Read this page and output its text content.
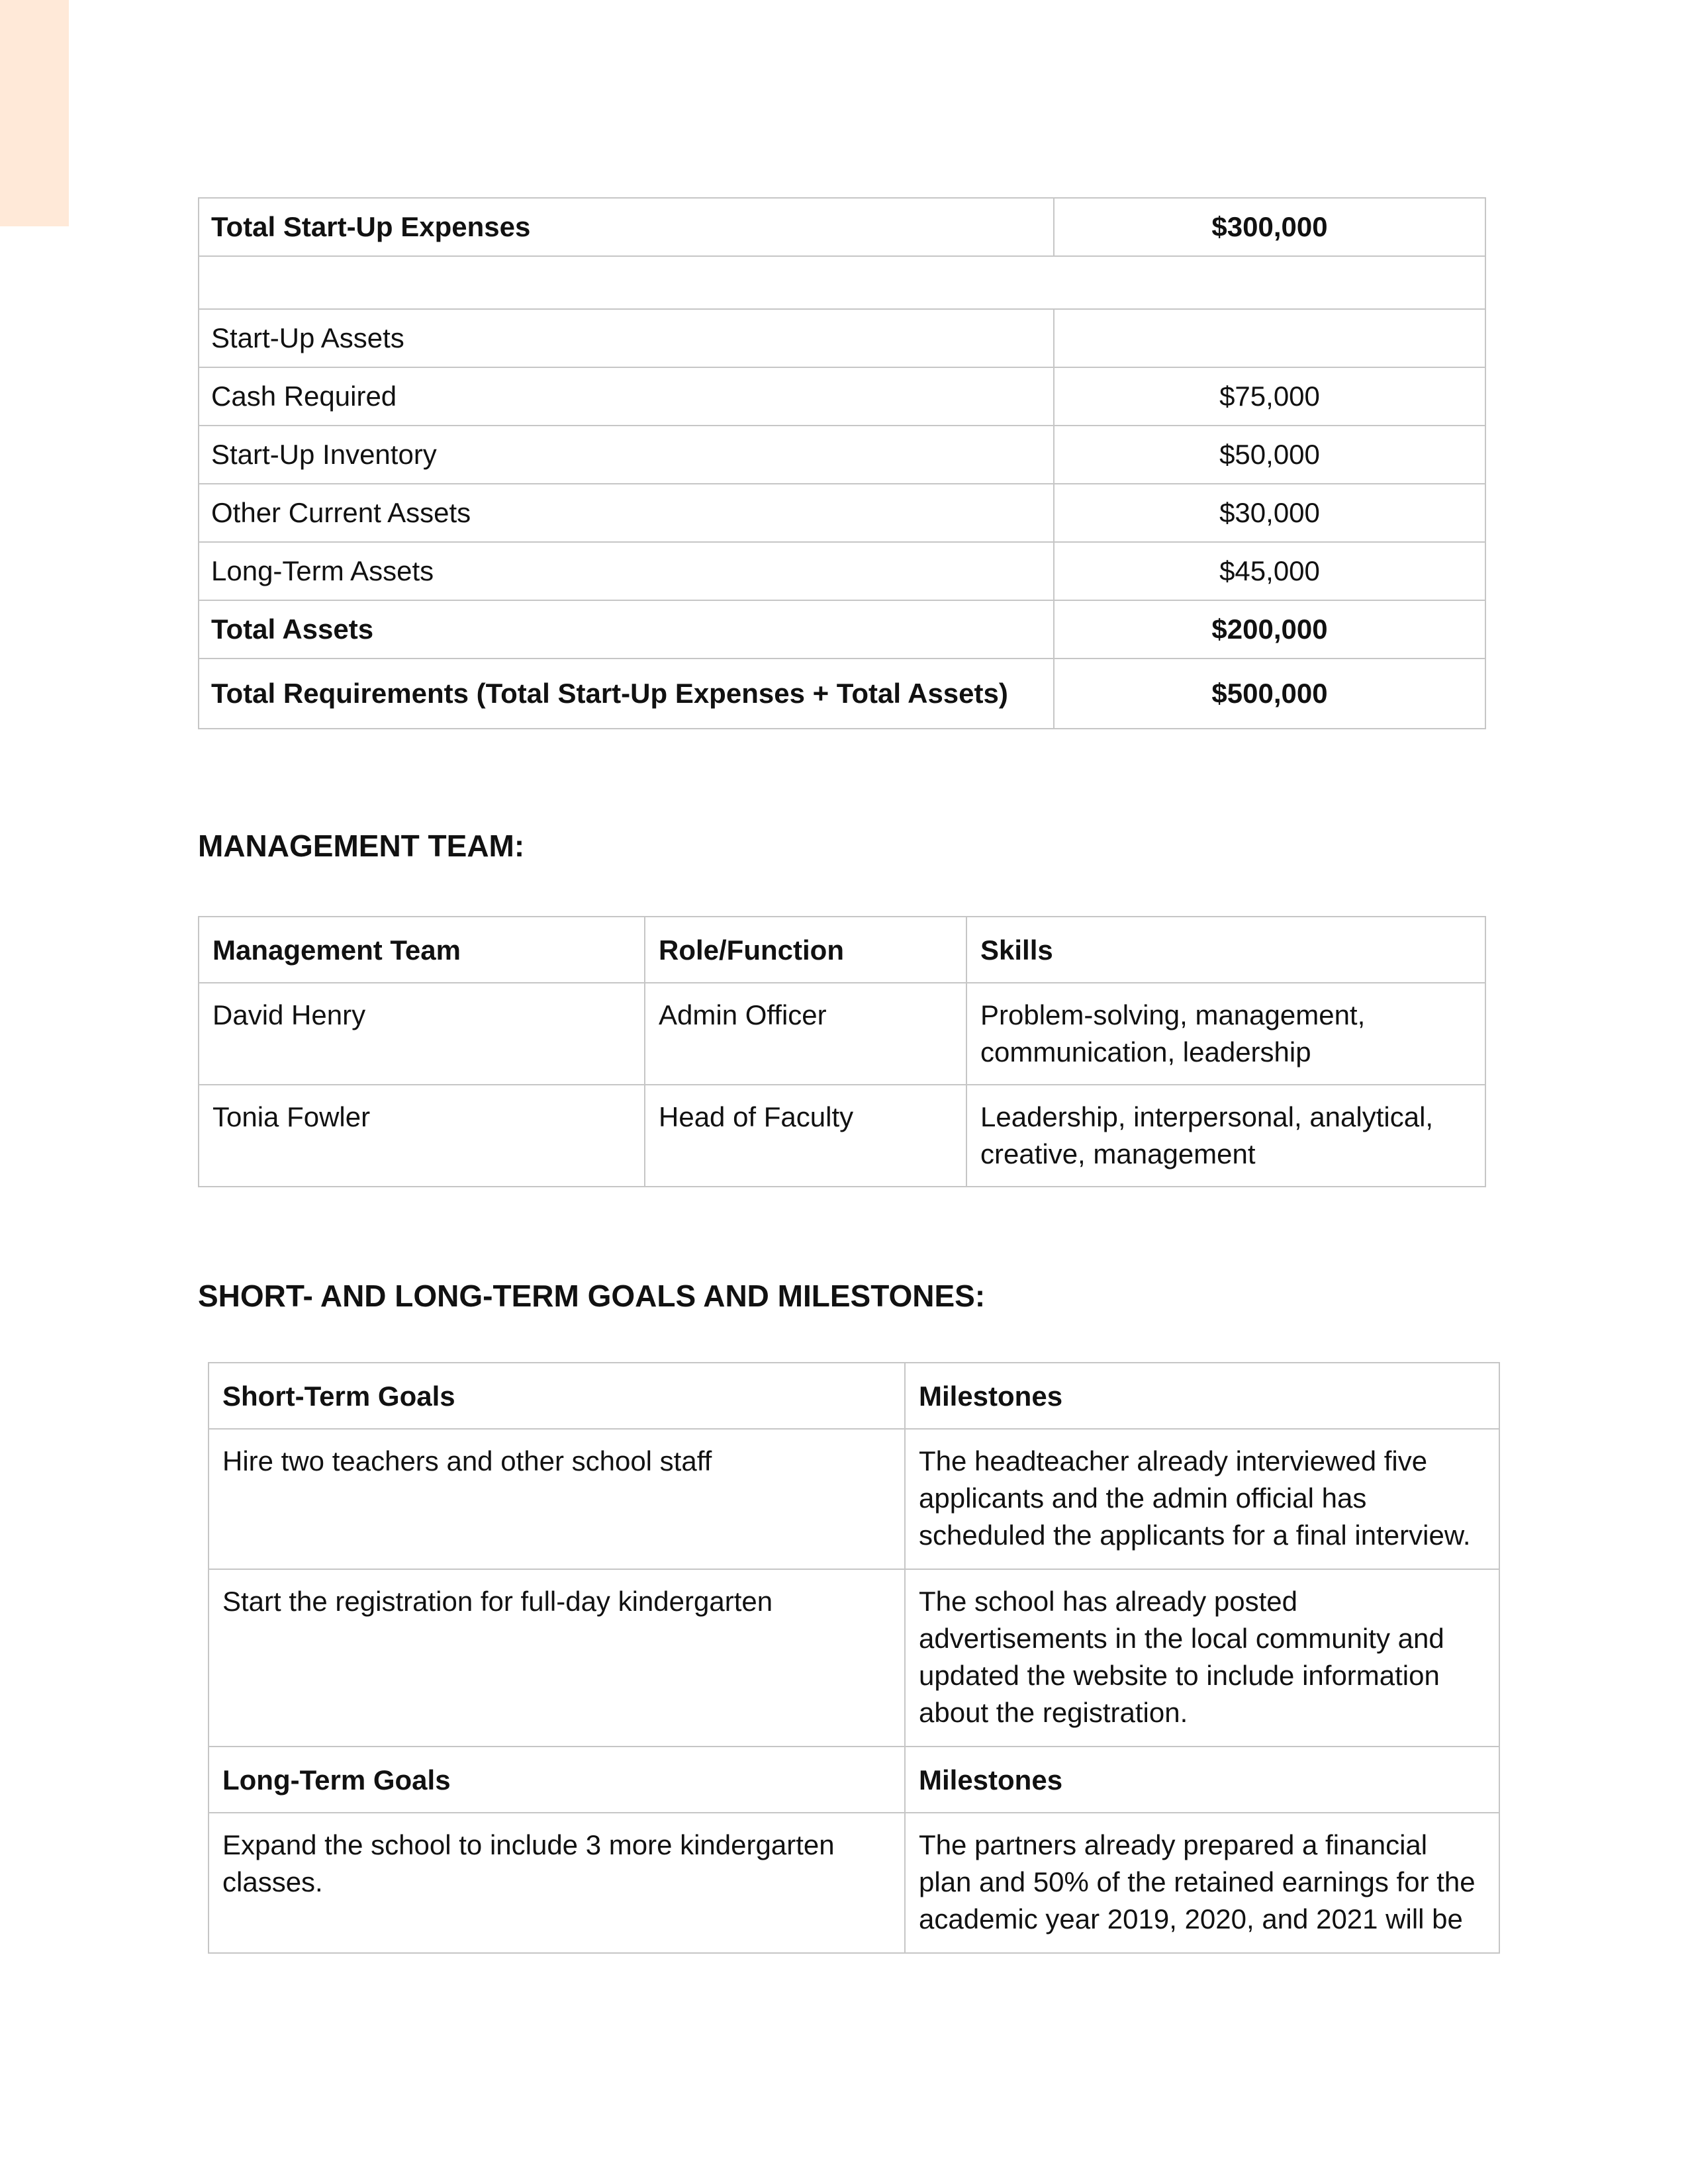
Total Start-Up Expenses	$300,000

Start-Up Assets	
Cash Required	$75,000
Start-Up Inventory	$50,000
Other Current Assets	$30,000
Long-Term Assets	$45,000
Total Assets	$200,000
Total Requirements (Total Start-Up Expenses + Total Assets)	$500,000
MANAGEMENT TEAM:
Management Team	Role/Function	Skills
David Henry	Admin Officer	Problem-solving, management, communication, leadership
Tonia Fowler	Head of Faculty	Leadership, interpersonal, analytical, creative, management
SHORT- AND LONG-TERM GOALS AND MILESTONES:
Short-Term Goals	Milestones
Hire two teachers and other school staff	The headteacher already interviewed five applicants and the admin official has scheduled the applicants for a final interview.
Start the registration for full-day kindergarten	The school has already posted advertisements in the local community and updated the website to include information about the registration.
Long-Term Goals	Milestones
Expand the school to include 3 more kindergarten classes.	The partners already prepared a financial plan and 50% of the retained earnings for the academic year 2019, 2020, and 2021 will be
